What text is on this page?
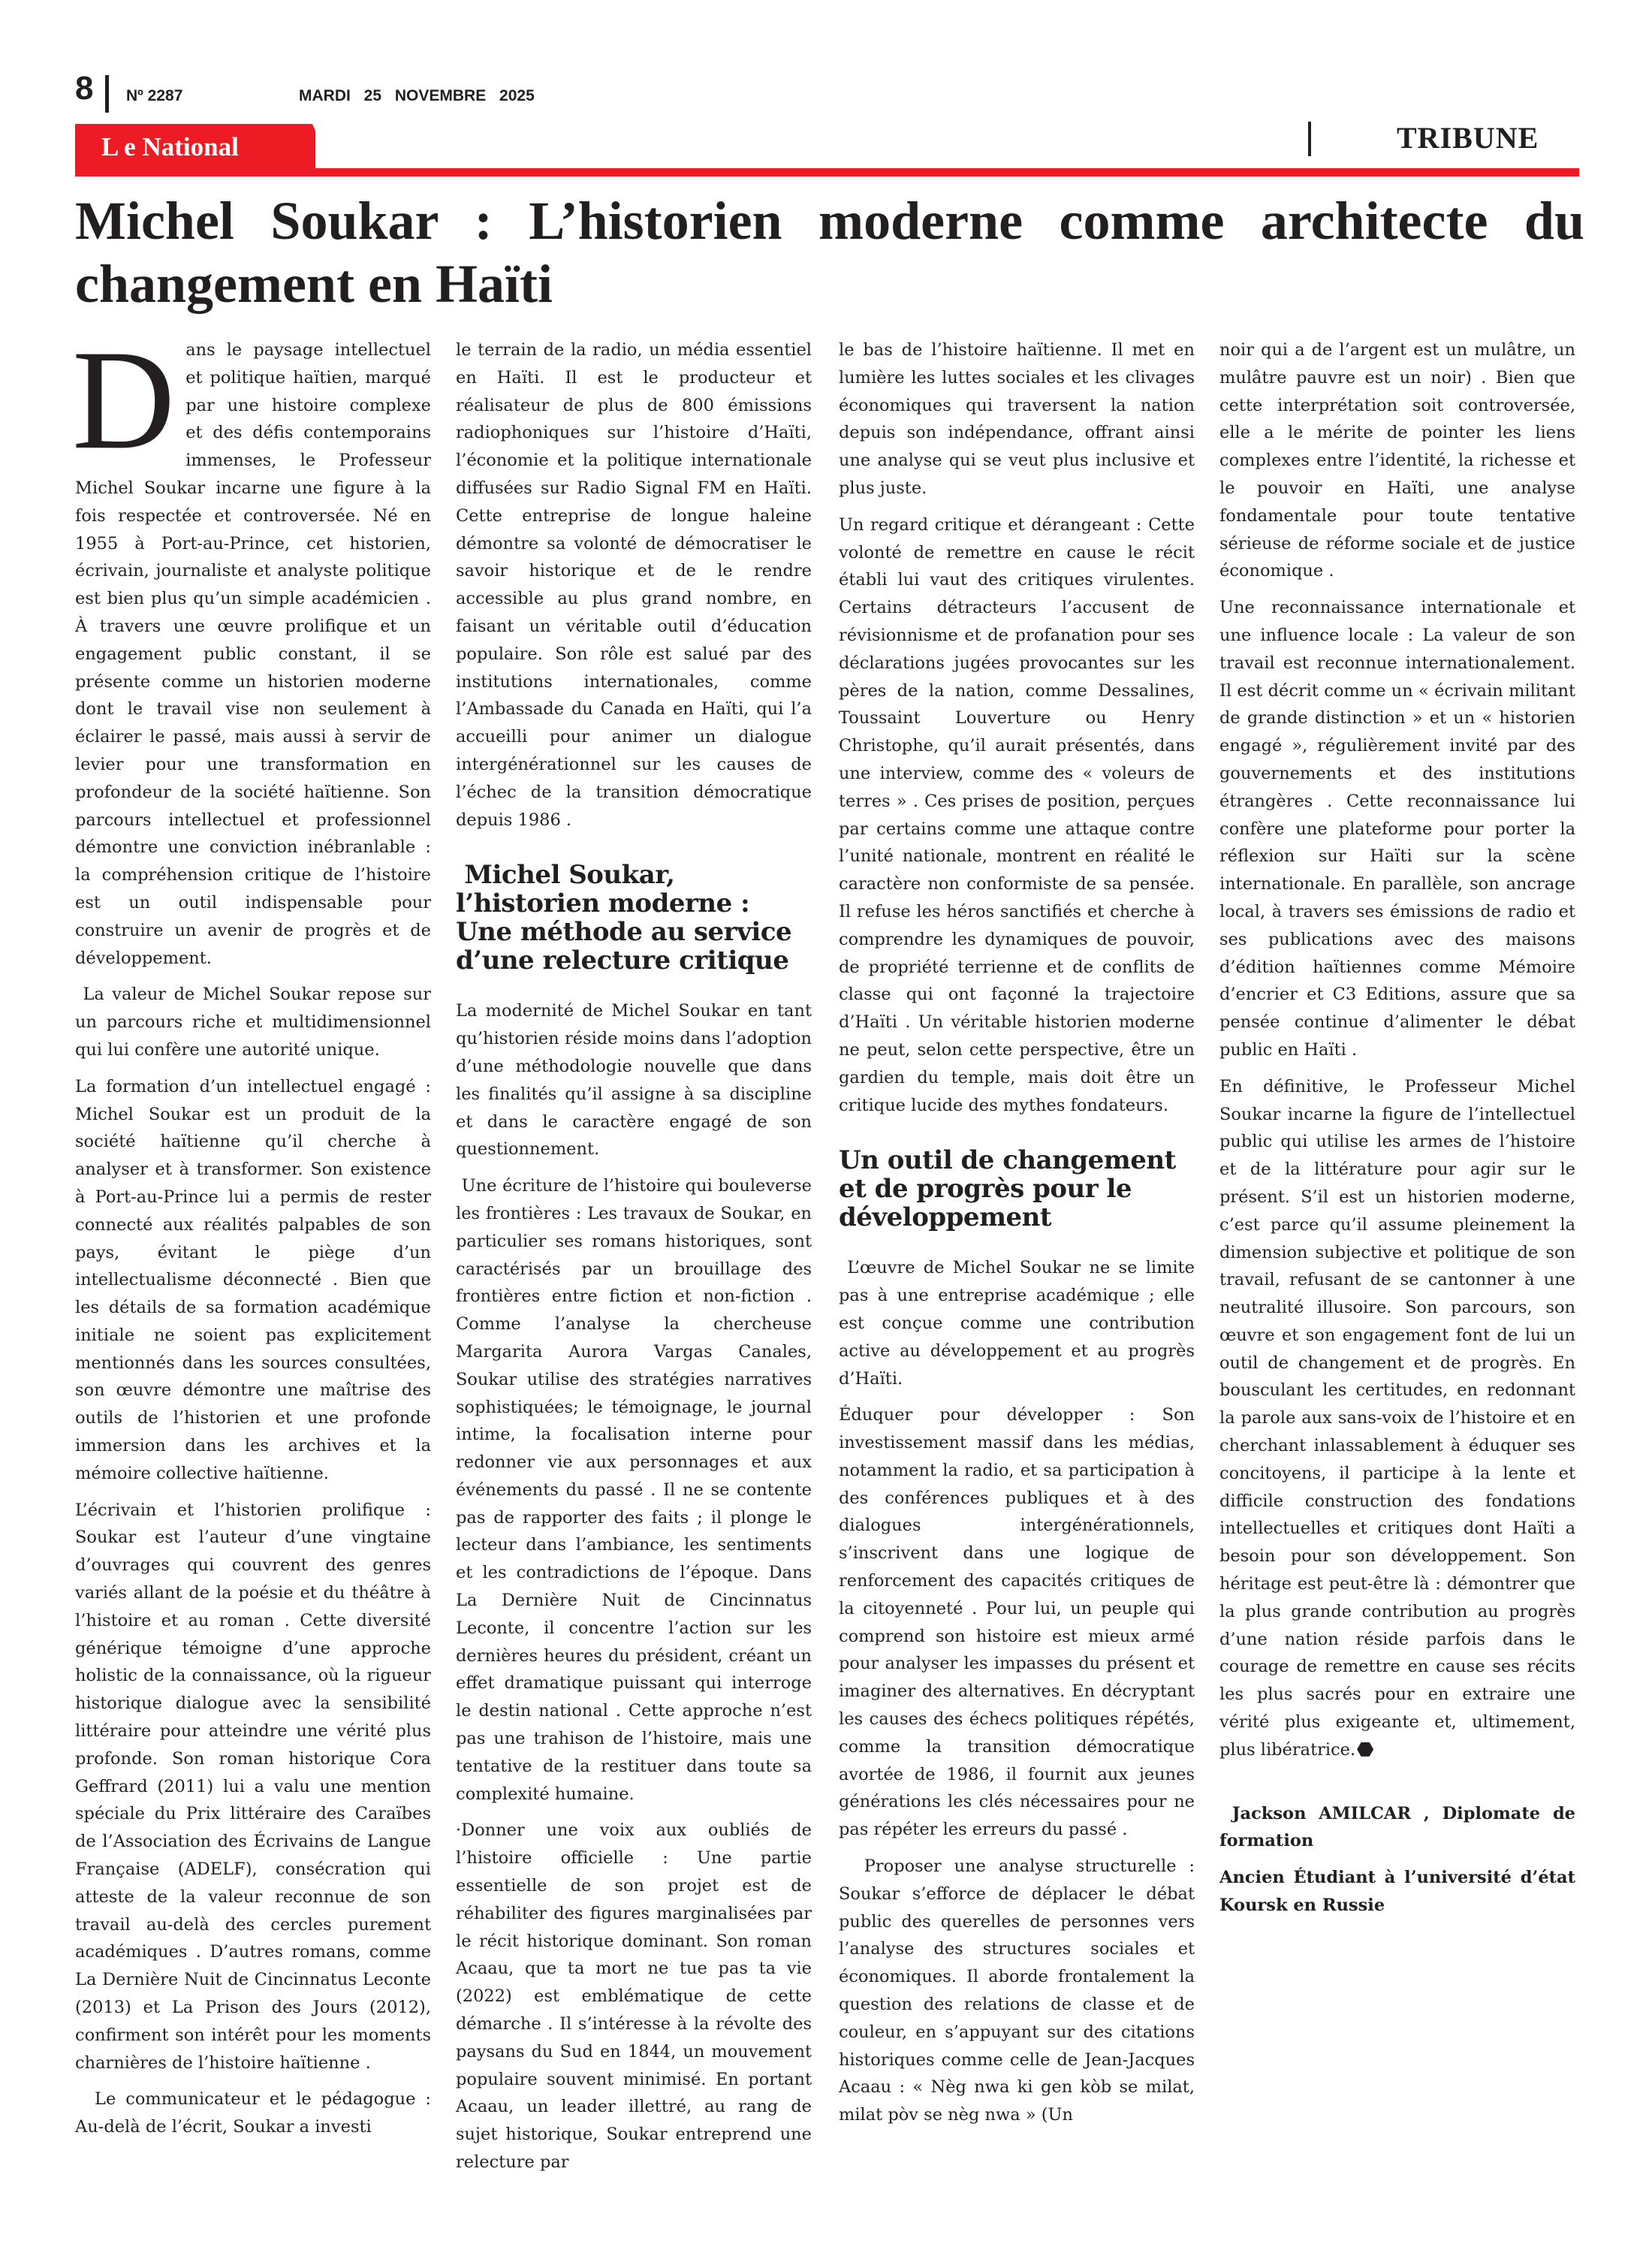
8 Nº 2287	MARDI 25 NOVEMBRE 2025
L e National	TRIBUNE
Michel Soukar : L’historien moderne comme architecte du changement en Haïti

Dans le paysage intellectuel et politique haïtien, marqué par une histoire complexe et des défis contemporains immenses, le Professeur Michel Soukar incarne une figure à la fois respectée et controversée. Né en 1955 à Port-au-Prince, cet historien, écrivain, journaliste et analyste politique est bien plus qu’un simple académicien . À travers une œuvre prolifique et un engagement public constant, il se présente comme un historien moderne dont le travail vise non seulement à éclairer le passé, mais aussi à servir de levier pour une transformation en profondeur de la société haïtienne. Son parcours intellectuel et professionnel démontre une conviction inébranlable : la compréhension critique de l’histoire est un outil indispensable pour construire un avenir de progrès et de développement.

La valeur de Michel Soukar repose sur un parcours riche et multidimensionnel qui lui confère une autorité unique.

La formation d’un intellectuel engagé : Michel Soukar est un produit de la société haïtienne qu’il cherche à analyser et à transformer. Son existence à Port-au-Prince lui a permis de rester connecté aux réalités palpables de son pays, évitant le piège d’un intellectualisme déconnecté . Bien que les détails de sa formation académique initiale ne soient pas explicitement mentionnés dans les sources consultées, son œuvre démontre une maîtrise des outils de l’historien et une profonde immersion dans les archives et la mémoire collective haïtienne.

L’écrivain et l’historien prolifique : Soukar est l’auteur d’une vingtaine d’ouvrages qui couvrent des genres variés allant de la poésie et du théâtre à l’histoire et au roman . Cette diversité générique témoigne d’une approche holistic de la connaissance, où la rigueur historique dialogue avec la sensibilité littéraire pour atteindre une vérité plus profonde. Son roman historique Cora Geffrard (2011) lui a valu une mention spéciale du Prix littéraire des Caraïbes de l’Association des Écrivains de Langue Française (ADELF), consécration qui atteste de la valeur reconnue de son travail au-delà des cercles purement académiques . D’autres romans, comme La Dernière Nuit de Cincinnatus Leconte (2013) et La Prison des Jours (2012), confirment son intérêt pour les moments charnières de l’histoire haïtienne .

Le communicateur et le pédagogue : Au-delà de l’écrit, Soukar a investi

le terrain de la radio, un média essentiel en Haïti. Il est le producteur et réalisateur de plus de 800 émissions radiophoniques sur l’histoire d’Haïti, l’économie et la politique internationale diffusées sur Radio Signal FM en Haïti. Cette entreprise de longue haleine démontre sa volonté de démocratiser le savoir historique et de le rendre accessible au plus grand nombre, en faisant un véritable outil d’éducation populaire. Son rôle est salué par des institutions internationales, comme l’Ambassade du Canada en Haïti, qui l’a accueilli pour animer un dialogue intergénérationnel sur les causes de l’échec de la transition démocratique depuis 1986 .

Michel Soukar, l’historien moderne : Une méthode au service d’une relecture critique

La modernité de Michel Soukar en tant qu’historien réside moins dans l’adoption d’une méthodologie nouvelle que dans les finalités qu’il assigne à sa discipline et dans le caractère engagé de son questionnement.

Une écriture de l’histoire qui bouleverse les frontières : Les travaux de Soukar, en particulier ses romans historiques, sont caractérisés par un brouillage des frontières entre fiction et non-fiction . Comme l’analyse la chercheuse Margarita Aurora Vargas Canales, Soukar utilise des stratégies narratives sophistiquées; le témoignage, le journal intime, la focalisation interne pour redonner vie aux personnages et aux événements du passé . Il ne se contente pas de rapporter des faits ; il plonge le lecteur dans l’ambiance, les sentiments et les contradictions de l’époque. Dans La Dernière Nuit de Cincinnatus Leconte, il concentre l’action sur les dernières heures du président, créant un effet dramatique puissant qui interroge le destin national . Cette approche n’est pas une trahison de l’histoire, mais une tentative de la restituer dans toute sa complexité humaine.

·Donner une voix aux oubliés de l’histoire officielle : Une partie essentielle de son projet est de réhabiliter des figures marginalisées par le récit historique dominant. Son roman Acaau, que ta mort ne tue pas ta vie (2022) est emblématique de cette démarche . Il s’intéresse à la révolte des paysans du Sud en 1844, un mouvement populaire souvent minimisé. En portant Acaau, un leader illettré, au rang de sujet historique, Soukar entreprend une relecture par

le bas de l’histoire haïtienne. Il met en lumière les luttes sociales et les clivages économiques qui traversent la nation depuis son indépendance, offrant ainsi une analyse qui se veut plus inclusive et plus juste.

Un regard critique et dérangeant : Cette volonté de remettre en cause le récit établi lui vaut des critiques virulentes. Certains détracteurs l’accusent de révisionnisme et de profanation pour ses déclarations jugées provocantes sur les pères de la nation, comme Dessalines, Toussaint Louverture ou Henry Christophe, qu’il aurait présentés, dans une interview, comme des « voleurs de terres » . Ces prises de position, perçues par certains comme une attaque contre l’unité nationale, montrent en réalité le caractère non conformiste de sa pensée. Il refuse les héros sanctifiés et cherche à comprendre les dynamiques de pouvoir, de propriété terrienne et de conflits de classe qui ont façonné la trajectoire d’Haïti . Un véritable historien moderne ne peut, selon cette perspective, être un gardien du temple, mais doit être un critique lucide des mythes fondateurs.

Un outil de changement et de progrès pour le développement

L’œuvre de Michel Soukar ne se limite pas à une entreprise académique ; elle est conçue comme une contribution active au développement et au progrès d’Haïti.

Éduquer pour développer : Son investissement massif dans les médias, notamment la radio, et sa participation à des conférences publiques et à des dialogues intergénérationnels, s’inscrivent dans une logique de renforcement des capacités critiques de la citoyenneté . Pour lui, un peuple qui comprend son histoire est mieux armé pour analyser les impasses du présent et imaginer des alternatives. En décryptant les causes des échecs politiques répétés, comme la transition démocratique avortée de 1986, il fournit aux jeunes générations les clés nécessaires pour ne pas répéter les erreurs du passé .

Proposer une analyse structurelle : Soukar s’efforce de déplacer le débat public des querelles de personnes vers l’analyse des structures sociales et économiques. Il aborde frontalement la question des relations de classe et de couleur, en s’appuyant sur des citations historiques comme celle de Jean-Jacques Acaau : « Nèg nwa ki gen kòb se milat, milat pòv se nèg nwa » (Un

noir qui a de l’argent est un mulâtre, un mulâtre pauvre est un noir) . Bien que cette interprétation soit controversée, elle a le mérite de pointer les liens complexes entre l’identité, la richesse et le pouvoir en Haïti, une analyse fondamentale pour toute tentative sérieuse de réforme sociale et de justice économique .

Une reconnaissance internationale et une influence locale : La valeur de son travail est reconnue internationalement. Il est décrit comme un « écrivain militant de grande distinction » et un « historien engagé », régulièrement invité par des gouvernements et des institutions étrangères . Cette reconnaissance lui confère une plateforme pour porter la réflexion sur Haïti sur la scène internationale. En parallèle, son ancrage local, à travers ses émissions de radio et ses publications avec des maisons d’édition haïtiennes comme Mémoire d’encrier et C3 Editions, assure que sa pensée continue d’alimenter le débat public en Haïti .

En définitive, le Professeur Michel Soukar incarne la figure de l’intellectuel public qui utilise les armes de l’histoire et de la littérature pour agir sur le présent. S’il est un historien moderne, c’est parce qu’il assume pleinement la dimension subjective et politique de son travail, refusant de se cantonner à une neutralité illusoire. Son parcours, son œuvre et son engagement font de lui un outil de changement et de progrès. En bousculant les certitudes, en redonnant la parole aux sans-voix de l’histoire et en cherchant inlassablement à éduquer ses concitoyens, il participe à la lente et difficile construction des fondations intellectuelles et critiques dont Haïti a besoin pour son développement. Son héritage est peut-être là : démontrer que la plus grande contribution au progrès d’une nation réside parfois dans le courage de remettre en cause ses récits les plus sacrés pour en extraire une vérité plus exigeante et, ultimement, plus libératrice.

Jackson AMILCAR , Diplomate de formation

Ancien Étudiant à l’université d’état Koursk en Russie
